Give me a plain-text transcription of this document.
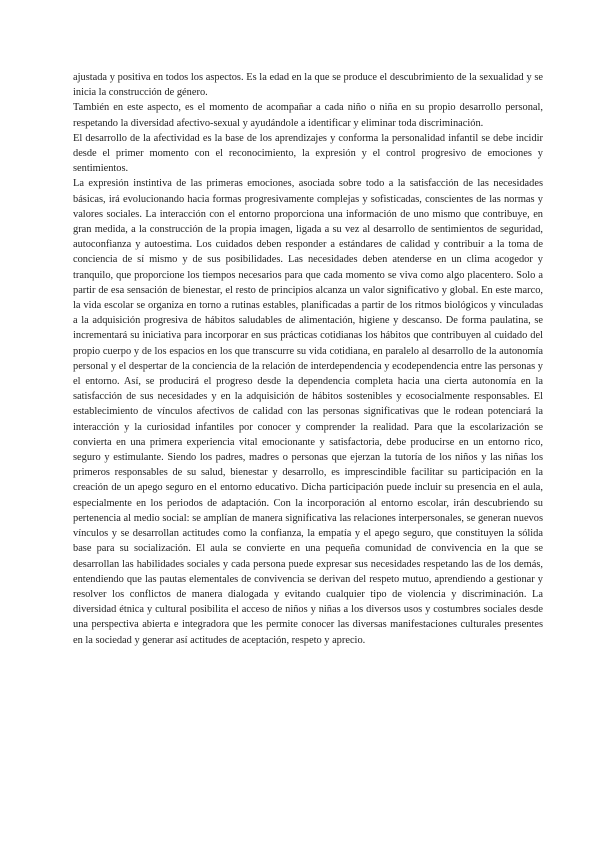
ajustada y positiva en todos los aspectos. Es la edad en la que se produce el descubrimiento de la sexualidad y se inicia la construcción de género.

También en este aspecto, es el momento de acompañar a cada niño o niña en su propio desarrollo personal, respetando la diversidad afectivo-sexual y ayudándole a identificar y eliminar toda discriminación.

El desarrollo de la afectividad es la base de los aprendizajes y conforma la personalidad infantil se debe incidir desde el primer momento con el reconocimiento, la expresión y el control progresivo de emociones y sentimientos.

La expresión instintiva de las primeras emociones, asociada sobre todo a la satisfacción de las necesidades básicas, irá evolucionando hacia formas progresivamente complejas y sofisticadas, conscientes de las normas y valores sociales. La interacción con el entorno proporciona una información de uno mismo que contribuye, en gran medida, a la construcción de la propia imagen, ligada a su vez al desarrollo de sentimientos de seguridad, autoconfianza y autoestima. Los cuidados deben responder a estándares de calidad y contribuir a la toma de conciencia de sí mismo y de sus posibilidades. Las necesidades deben atenderse en un clima acogedor y tranquilo, que proporcione los tiempos necesarios para que cada momento se viva como algo placentero. Solo a partir de esa sensación de bienestar, el resto de principios alcanza un valor significativo y global. En este marco, la vida escolar se organiza en torno a rutinas estables, planificadas a partir de los ritmos biológicos y vinculadas a la adquisición progresiva de hábitos saludables de alimentación, higiene y descanso. De forma paulatina, se incrementará su iniciativa para incorporar en sus prácticas cotidianas los hábitos que contribuyen al cuidado del propio cuerpo y de los espacios en los que transcurre su vida cotidiana, en paralelo al desarrollo de la autonomía personal y el despertar de la conciencia de la relación de interdependencia y ecodependencia entre las personas y el entorno. Así, se producirá el progreso desde la dependencia completa hacia una cierta autonomía en la satisfacción de sus necesidades y en la adquisición de hábitos sostenibles y ecosocialmente responsables. El establecimiento de vínculos afectivos de calidad con las personas significativas que le rodean potenciará la interacción y la curiosidad infantiles por conocer y comprender la realidad. Para que la escolarización se convierta en una primera experiencia vital emocionante y satisfactoria, debe producirse en un entorno rico, seguro y estimulante. Siendo los padres, madres o personas que ejerzan la tutoría de los niños y las niñas los primeros responsables de su salud, bienestar y desarrollo, es imprescindible facilitar su participación en la creación de un apego seguro en el entorno educativo. Dicha participación puede incluir su presencia en el aula, especialmente en los periodos de adaptación. Con la incorporación al entorno escolar, irán descubriendo su pertenencia al medio social: se amplían de manera significativa las relaciones interpersonales, se generan nuevos vínculos y se desarrollan actitudes como la confianza, la empatía y el apego seguro, que constituyen la sólida base para su socialización. El aula se convierte en una pequeña comunidad de convivencia en la que se desarrollan las habilidades sociales y cada persona puede expresar sus necesidades respetando las de los demás, entendiendo que las pautas elementales de convivencia se derivan del respeto mutuo, aprendiendo a gestionar y resolver los conflictos de manera dialogada y evitando cualquier tipo de violencia y discriminación. La diversidad étnica y cultural posibilita el acceso de niños y niñas a los diversos usos y costumbres sociales desde una perspectiva abierta e integradora que les permite conocer las diversas manifestaciones culturales presentes en la sociedad y generar así actitudes de aceptación, respeto y aprecio.
